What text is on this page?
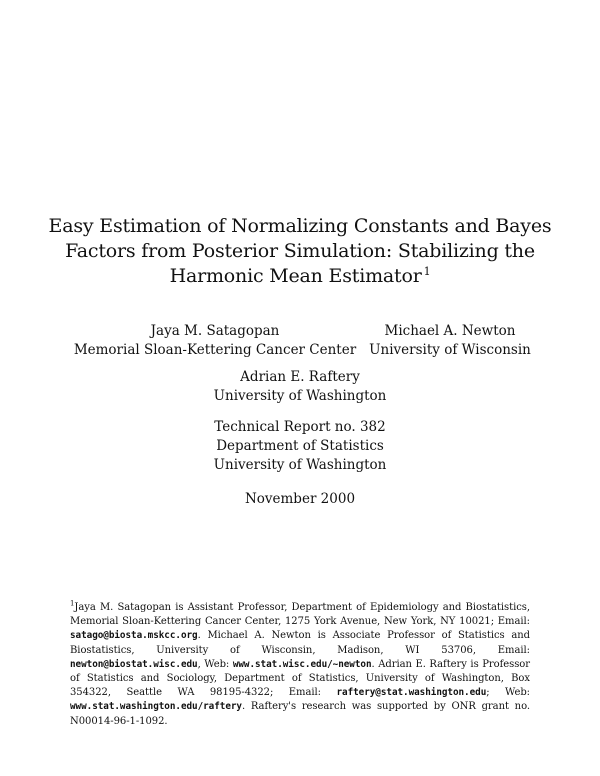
Easy Estimation of Normalizing Constants and Bayes
Factors from Posterior Simulation: Stabilizing the
Harmonic Mean Estimator $^1$
Jaya M. Satagopan
Memorial Sloan-Kettering Cancer Center
Michael A. Newton
University of Wisconsin
Adrian E. Raftery
University of Washington
Technical Report no. 382
Department of Statistics
University of Washington
November 2000
$^1$Jaya M. Satagopan is Assistant Professor, Department of Epidemiology and Biostatistics, Memorial Sloan-Kettering Cancer Center, 1275 York Avenue, New York, NY 10021; Email: satago@biosta.mskcc.org. Michael A. Newton is Associate Professor of Statistics and Biostatistics, University of Wisconsin, Madison, WI 53706, Email: newton@biostat.wisc.edu, Web: www.stat.wisc.edu/~newton. Adrian E. Raftery is Professor of Statistics and Sociology, Department of Statistics, University of Washington, Box 354322, Seattle WA 98195-4322; Email: raftery@stat.washington.edu; Web: www.stat.washington.edu/raftery. Raftery's research was supported by ONR grant no. N00014-96-1-1092.
